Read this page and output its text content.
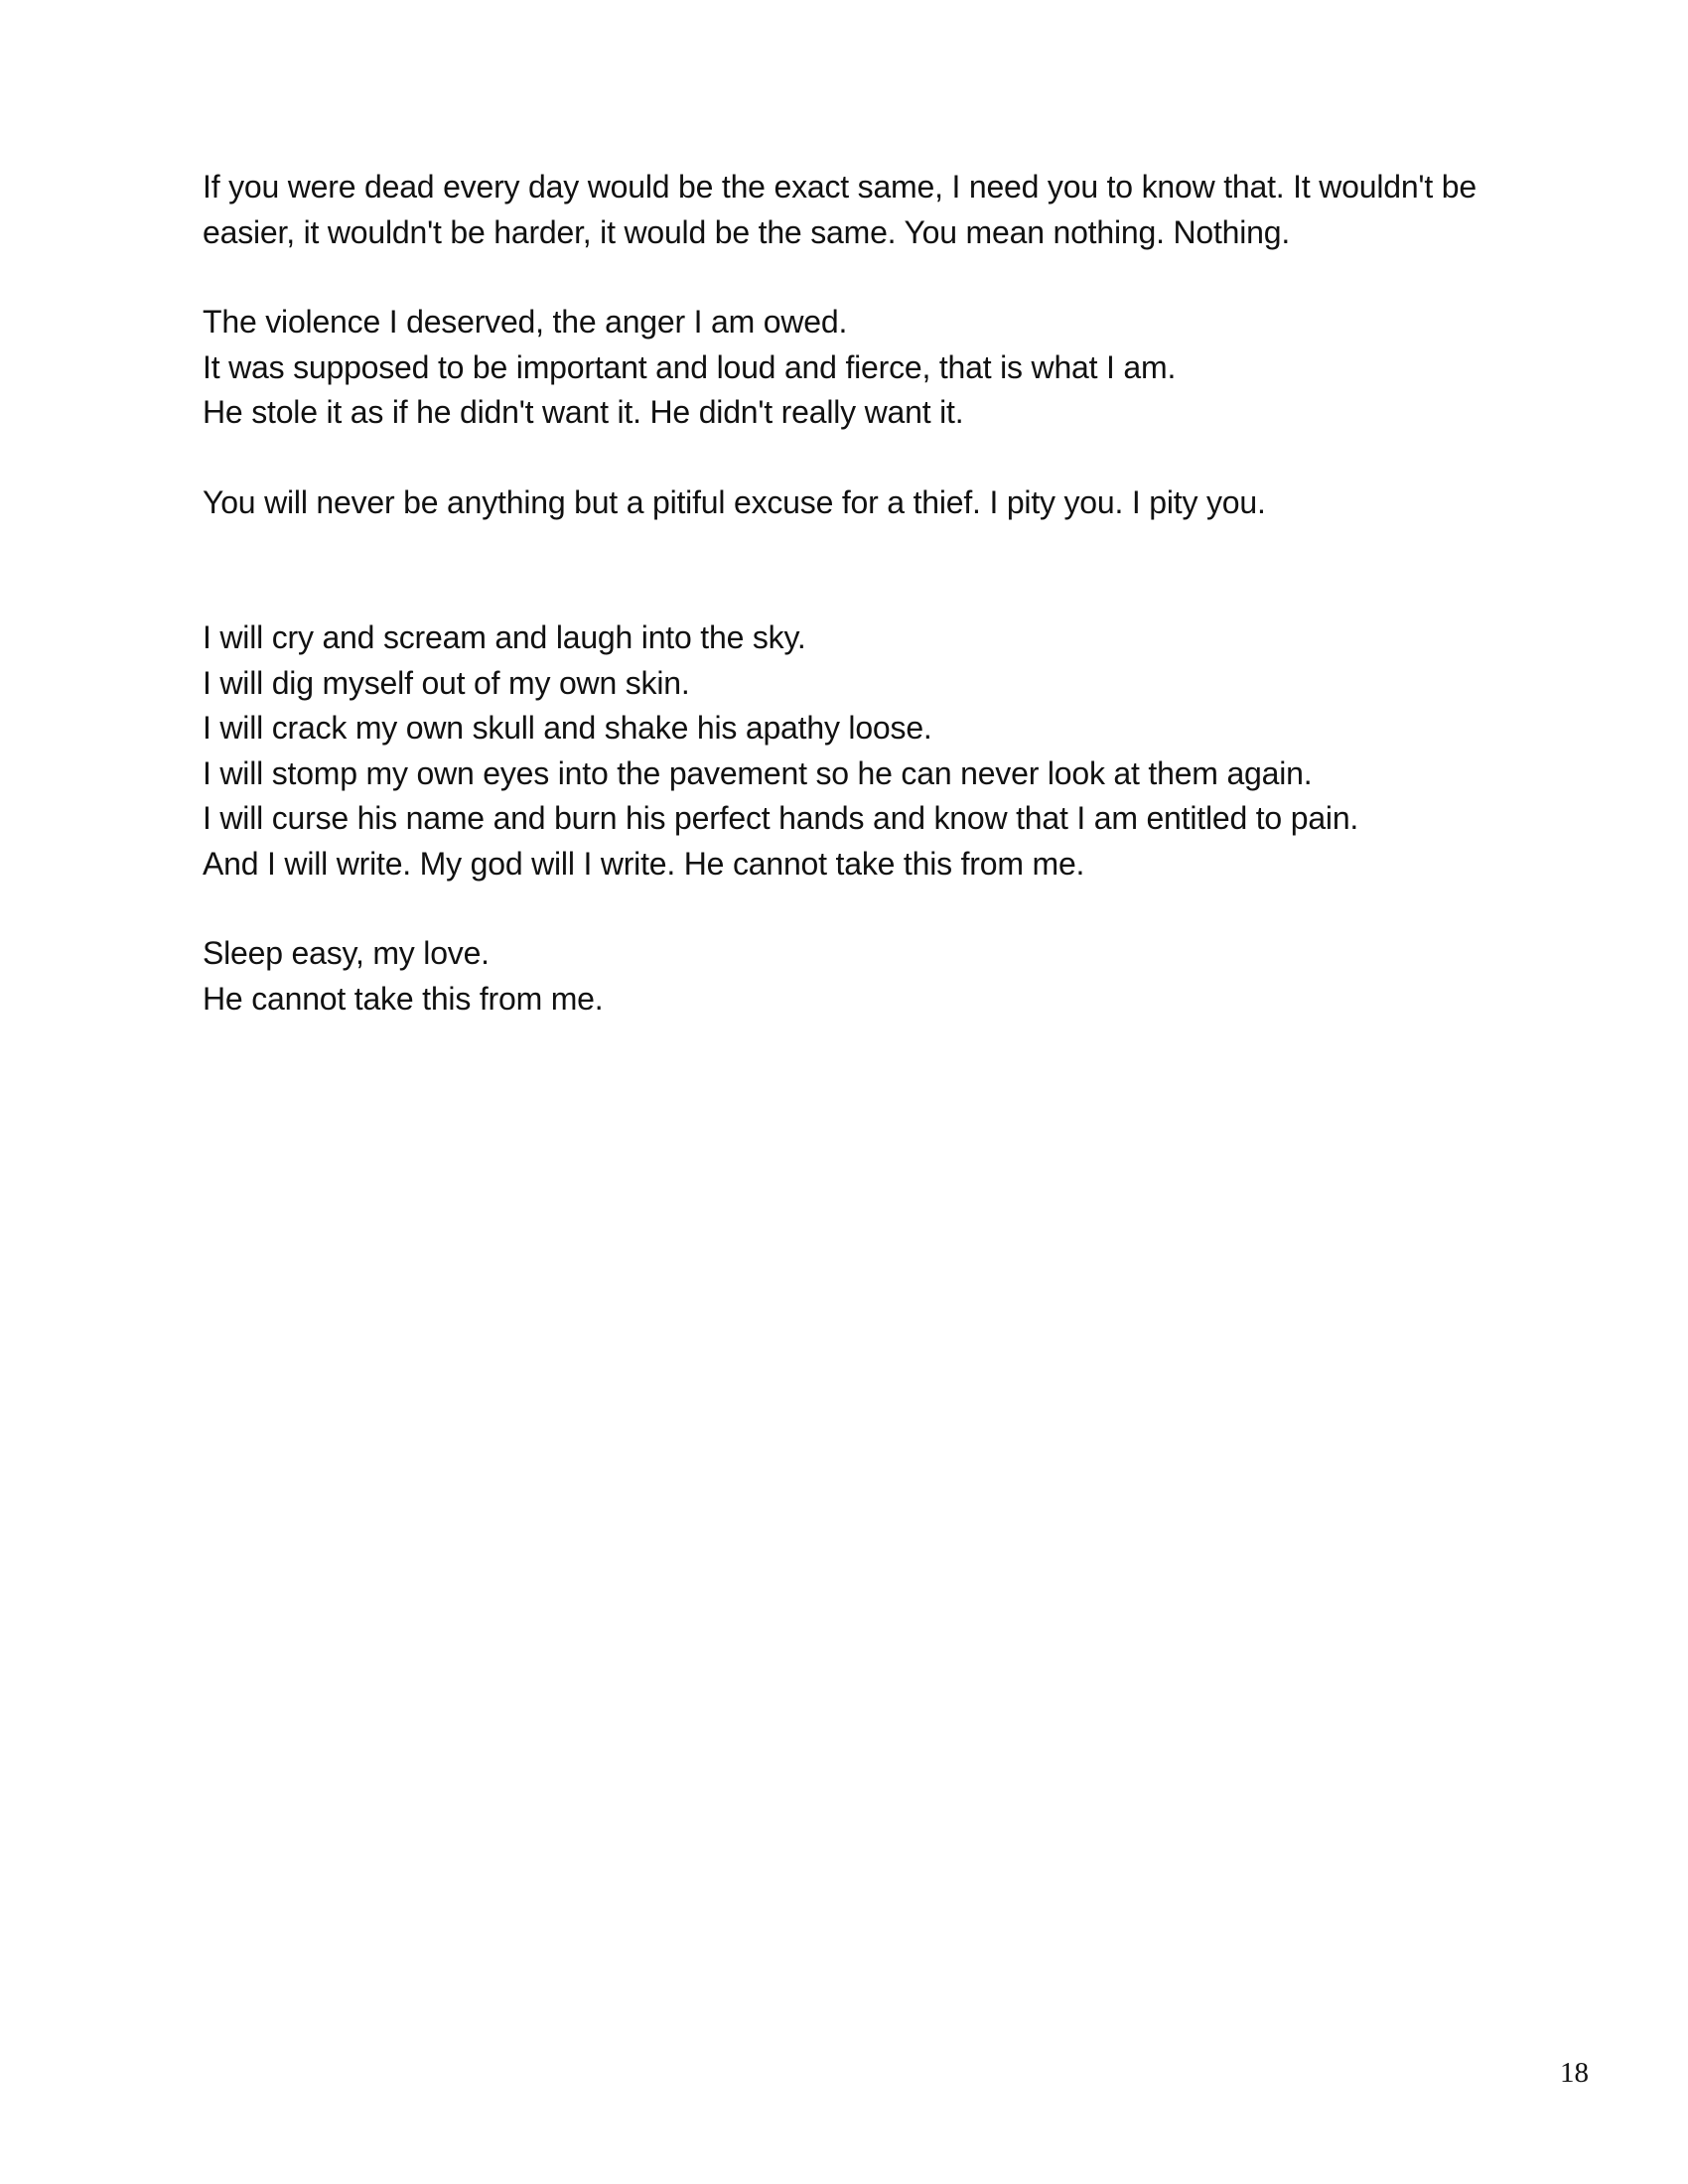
If you were dead every day would be the exact same, I need you to know that. It wouldn't be
easier, it wouldn't be harder, it would be the same. You mean nothing. Nothing.
The violence I deserved, the anger I am owed.
It was supposed to be important and loud and fierce, that is what I am.
He stole it as if he didn't want it. He didn't really want it.
You will never be anything but a pitiful excuse for a thief. I pity you. I pity you.
I will cry and scream and laugh into the sky.
I will dig myself out of my own skin.
I will crack my own skull and shake his apathy loose.
I will stomp my own eyes into the pavement so he can never look at them again.
I will curse his name and burn his perfect hands and know that I am entitled to pain.
And I will write. My god will I write. He cannot take this from me.
Sleep easy, my love.
He cannot take this from me.
18
